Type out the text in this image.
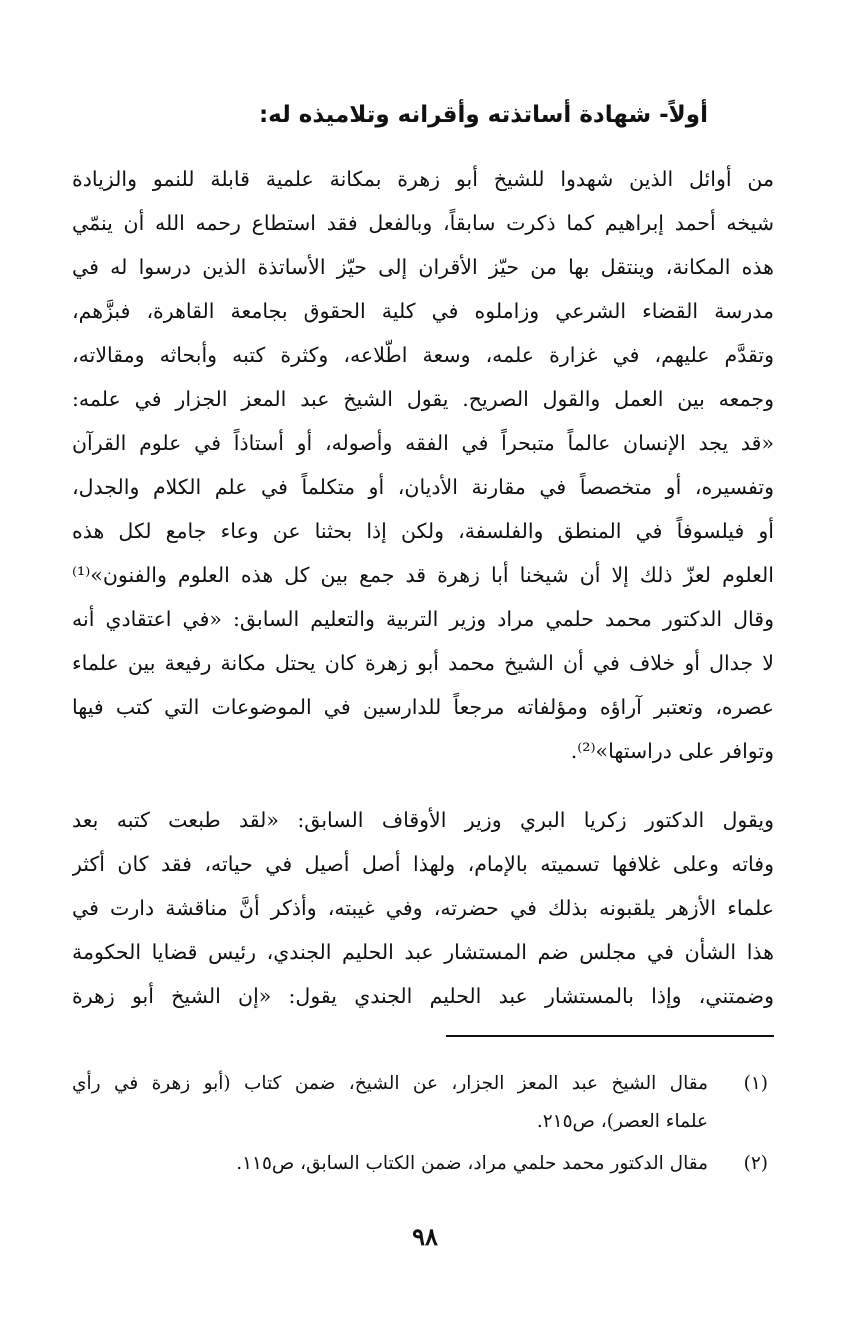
أولاً- شهادة أساتذته وأقرانه وتلاميذه له:
من أوائل الذين شهدوا للشيخ أبو زهرة بمكانة علمية قابلة للنمو والزيادة
شيخه أحمد إبراهيم كما ذكرت سابقاً، وبالفعل فقد استطاع رحمه الله أن ينمّي
هذه المكانة، وينتقل بها من حيّز الأقران إلى حيّز الأساتذة الذين درسوا له في
مدرسة القضاء الشرعي وزاملوه في كلية الحقوق بجامعة القاهرة، فبزَّهم،
وتقدَّم عليهم، في غزارة علمه، وسعة اطّلاعه، وكثرة كتبه وأبحاثه ومقالاته،
وجمعه بين العمل والقول الصريح. يقول الشيخ عبد المعز الجزار في علمه:
«قد يجد الإنسان عالماً متبحراً في الفقه وأصوله، أو أستاذاً في علوم القرآن
وتفسيره، أو متخصصاً في مقارنة الأديان، أو متكلماً في علم الكلام والجدل،
أو فيلسوفاً في المنطق والفلسفة، ولكن إذا بحثنا عن وعاء جامع لكل هذه
العلوم لعزّ ذلك إلا أن شيخنا أبا زهرة قد جمع بين كل هذه العلوم والفنون»⁽¹⁾
وقال الدكتور محمد حلمي مراد وزير التربية والتعليم السابق: «في اعتقادي أنه
لا جدال أو خلاف في أن الشيخ محمد أبو زهرة كان يحتل مكانة رفيعة بين علماء
عصره، وتعتبر آراؤه ومؤلفاته مرجعاً للدارسين في الموضوعات التي كتب فيها
وتوافر على دراستها»⁽²⁾.
ويقول الدكتور زكريا البري وزير الأوقاف السابق: «لقد طبعت كتبه بعد
وفاته وعلى غلافها تسميته بالإمام، ولهذا أصل أصيل في حياته، فقد كان أكثر
علماء الأزهر يلقبونه بذلك في حضرته، وفي غيبته، وأذكر أنَّ مناقشة دارت في
هذا الشأن في مجلس ضم المستشار عبد الحليم الجندي، رئيس قضايا الحكومة
وضمتني، وإذا بالمستشار عبد الحليم الجندي يقول: «إن الشيخ أبو زهرة
(١)
مقال الشيخ عبد المعز الجزار، عن الشيخ، ضمن كتاب (أبو زهرة في رأي
علماء العصر)، ص٢١٥.
(٢)
مقال الدكتور محمد حلمي مراد، ضمن الكتاب السابق، ص١١٥.
٩٨
